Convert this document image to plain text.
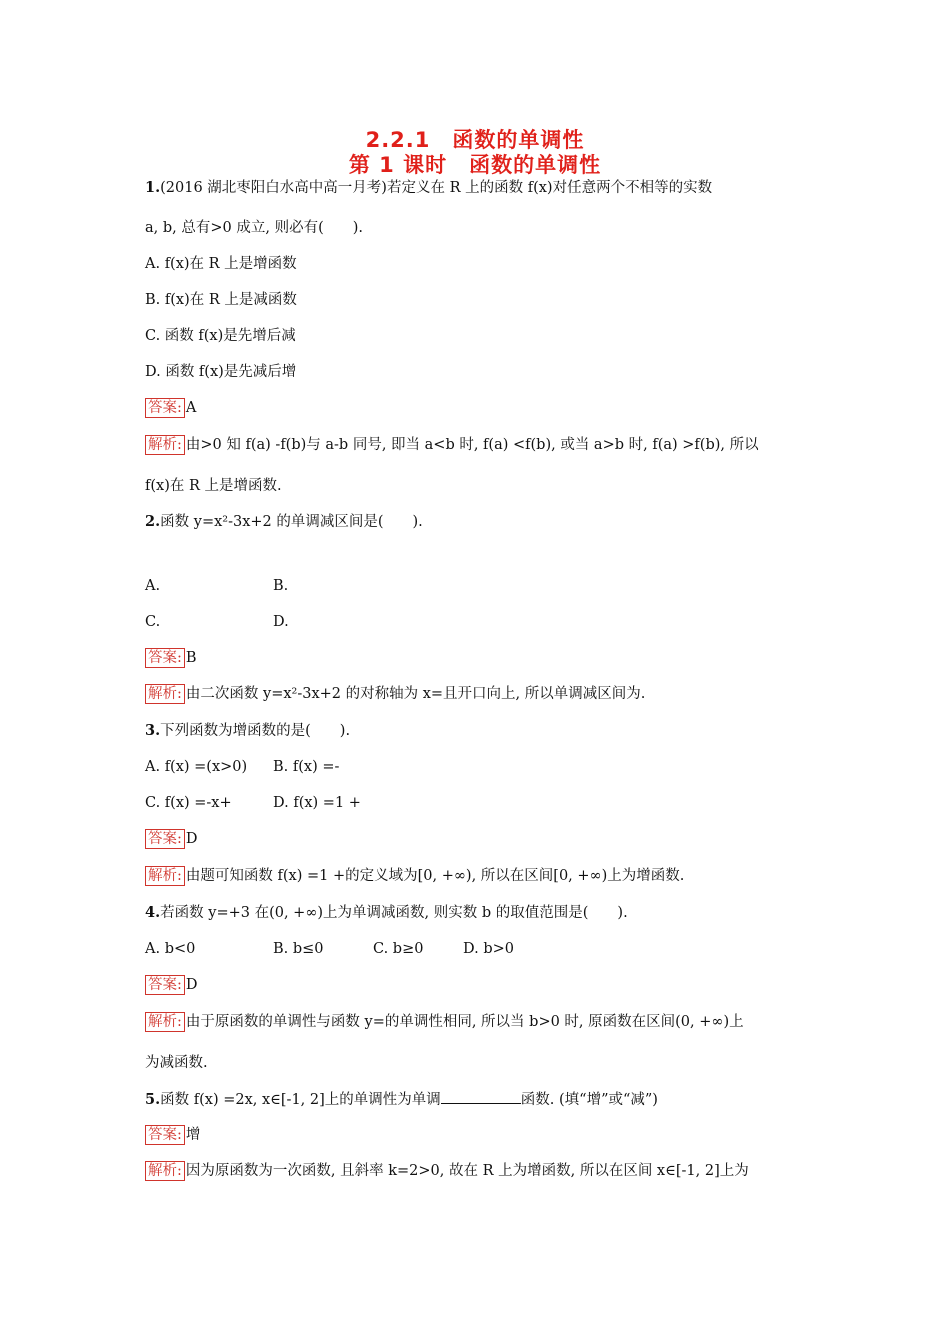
2.2.1　函数的单调性
第 1 课时　函数的单调性
1.(2016 湖北枣阳白水高中高一月考)若定义在 R 上的函数 f(x)对任意两个不相等的实数
a, b, 总有>0 成立, 则必有(　　).
A. f(x)在 R 上是增函数
B. f(x)在 R 上是减函数
C. 函数 f(x)是先增后减
D. 函数 f(x)是先减后增
答案: A
解析: 由>0 知 f(a) -f(b)与 a-b 同号, 即当 a<b 时, f(a) <f(b), 或当 a>b 时, f(a) >f(b), 所以
f(x)在 R 上是增函数.
2.函数 y=x²-3x+2 的单调减区间是(　　).
A.	B.
C.	D.
答案: B
解析: 由二次函数 y=x²-3x+2 的对称轴为 x=且开口向上, 所以单调减区间为.
3.下列函数为增函数的是(　　).
A. f(x) =(x>0) B. f(x) =-
C. f(x) =-x+	D. f(x) =1 +
答案: D
解析: 由题可知函数 f(x) =1 +的定义域为[0, +∞), 所以在区间[0, +∞)上为增函数.
4.若函数 y=+3 在(0, +∞)上为单调减函数, 则实数 b 的取值范围是(　　).
A. b<0	B. b≤0	C. b≥0	D. b>0
答案: D
解析: 由于原函数的单调性与函数 y=的单调性相同, 所以当 b>0 时, 原函数在区间(0, +∞)上
为减函数.
5.函数 f(x) =2x, x∈[-1, 2]上的单调性为单调	函数. (填“增”或“减”)
答案: 增
解析: 因为原函数为一次函数, 且斜率 k=2>0, 故在 R 上为增函数, 所以在区间 x∈[-1, 2]上为
